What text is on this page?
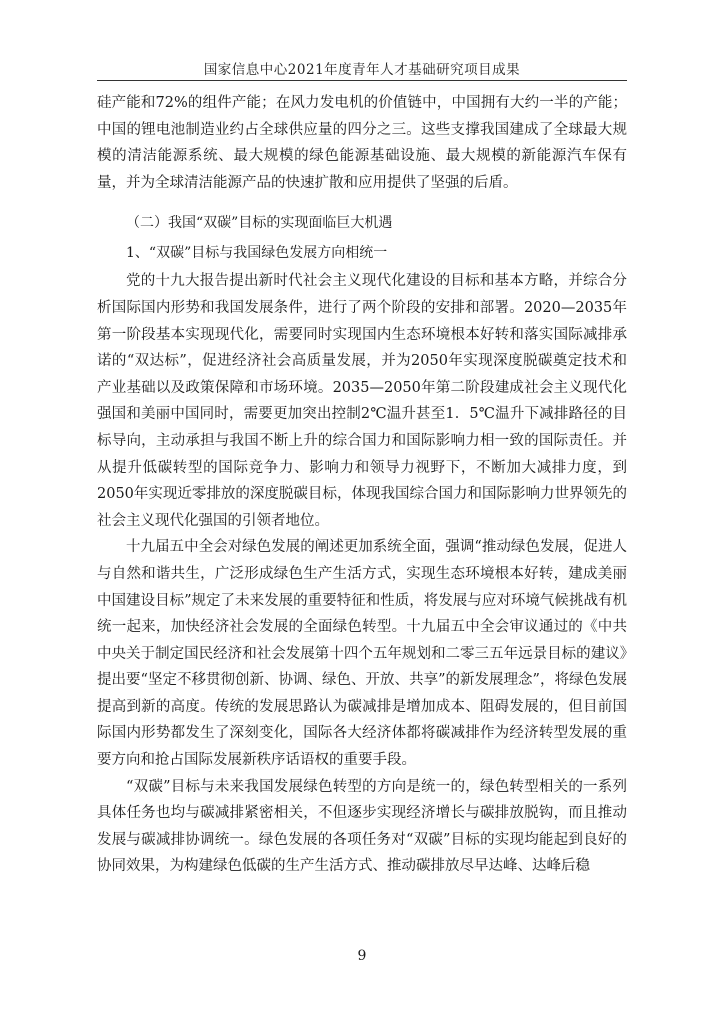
国家信息中心2021年度青年人才基础研究项目成果

硅产能和72%的组件产能；在风力发电机的价值链中，中国拥有大约一半的产能；中国的锂电池制造业约占全球供应量的四分之三。这些支撑我国建成了全球最大规模的清洁能源系统、最大规模的绿色能源基础设施、最大规模的新能源汽车保有量，并为全球清洁能源产品的快速扩散和应用提供了坚强的后盾。

（二）我国“双碳”目标的实现面临巨大机遇
1、“双碳”目标与我国绿色发展方向相统一

党的十九大报告提出新时代社会主义现代化建设的目标和基本方略，并综合分析国际国内形势和我国发展条件，进行了两个阶段的安排和部署。2020—2035年第一阶段基本实现现代化，需要同时实现国内生态环境根本好转和落实国际减排承诺的“双达标”，促进经济社会高质量发展，并为2050年实现深度脱碳奠定技术和产业基础以及政策保障和市场环境。2035—2050年第二阶段建成社会主义现代化强国和美丽中国同时，需要更加突出控制2℃温升甚至1．5℃温升下减排路径的目标导向，主动承担与我国不断上升的综合国力和国际影响力相一致的国际责任。并从提升低碳转型的国际竞争力、影响力和领导力视野下，不断加大减排力度，到2050年实现近零排放的深度脱碳目标，体现我国综合国力和国际影响力世界领先的社会主义现代化强国的引领者地位。

十九届五中全会对绿色发展的阐述更加系统全面，强调“推动绿色发展，促进人与自然和谐共生，广泛形成绿色生产生活方式，实现生态环境根本好转，建成美丽中国建设目标”规定了未来发展的重要特征和性质，将发展与应对环境气候挑战有机统一起来，加快经济社会发展的全面绿色转型。十九届五中全会审议通过的《中共中央关于制定国民经济和社会发展第十四个五年规划和二零三五年远景目标的建议》提出要“坚定不移贯彻创新、协调、绿色、开放、共享”的新发展理念”，将绿色发展提高到新的高度。传统的发展思路认为碳减排是增加成本、阻碍发展的，但目前国际国内形势都发生了深刻变化，国际各大经济体都将碳减排作为经济转型发展的重要方向和抢占国际发展新秩序话语权的重要手段。

“双碳”目标与未来我国发展绿色转型的方向是统一的，绿色转型相关的一系列具体任务也均与碳减排紧密相关，不但逐步实现经济增长与碳排放脱钩，而且推动发展与碳减排协调统一。绿色发展的各项任务对“双碳”目标的实现均能起到良好的协同效果，为构建绿色低碳的生产生活方式、推动碳排放尽早达峰、达峰后稳

9
